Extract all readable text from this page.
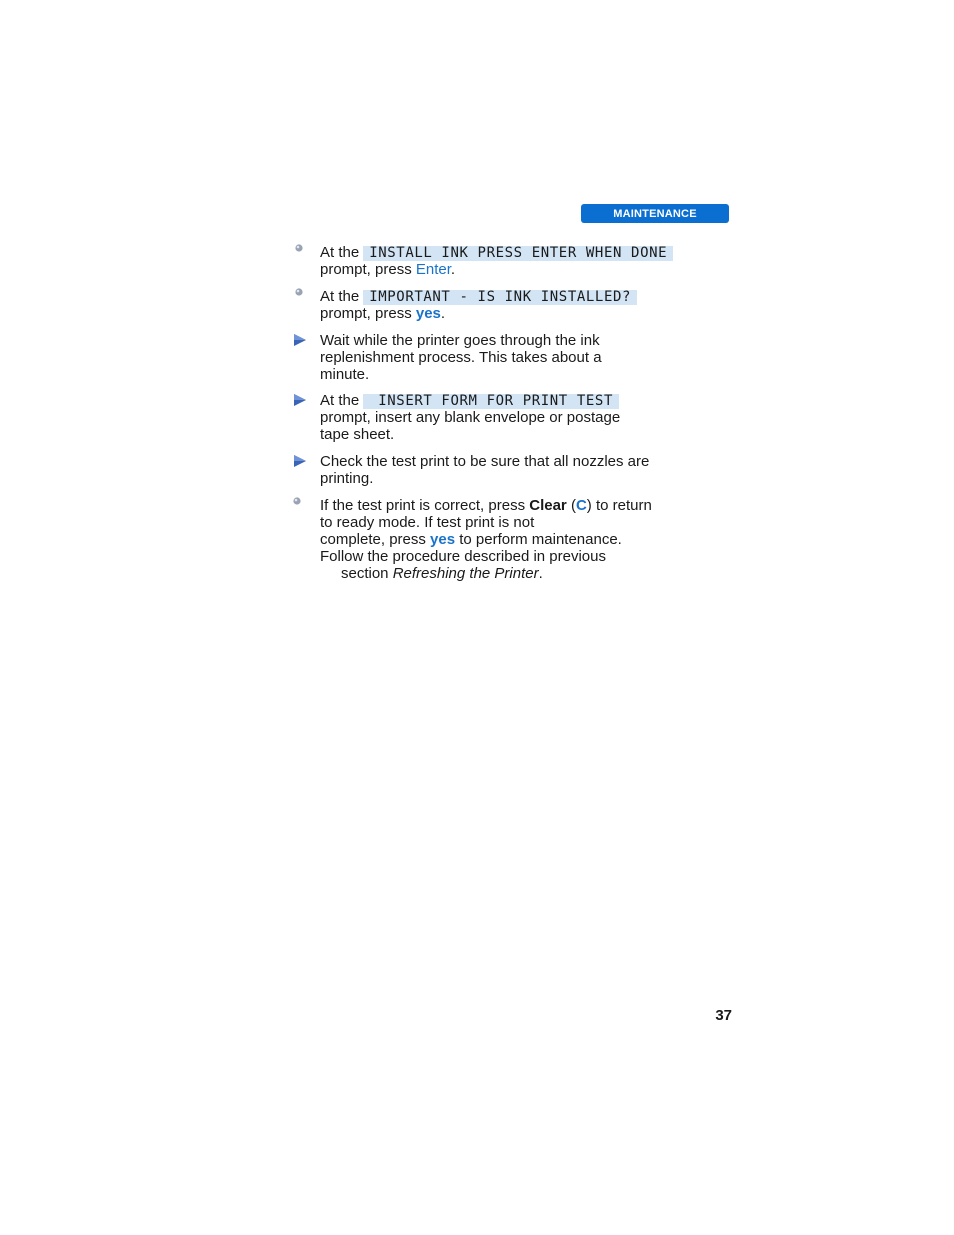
MAINTENANCE
At the INSTALL INK PRESS ENTER WHEN DONE
prompt, press Enter.
At the IMPORTANT - IS INK INSTALLED?
prompt, press yes.
Wait while the printer goes through the ink
replenishment process. This takes about a
minute.
At the INSERT FORM FOR PRINT TEST
prompt, insert any blank envelope or postage
tape sheet.
Check the test print to be sure that all nozzles are
printing.
If the test print is correct, press Clear (C) to return
to ready mode. If test print is not
complete, press yes to perform maintenance.
Follow the procedure described in previous
section Refreshing the Printer.
37
